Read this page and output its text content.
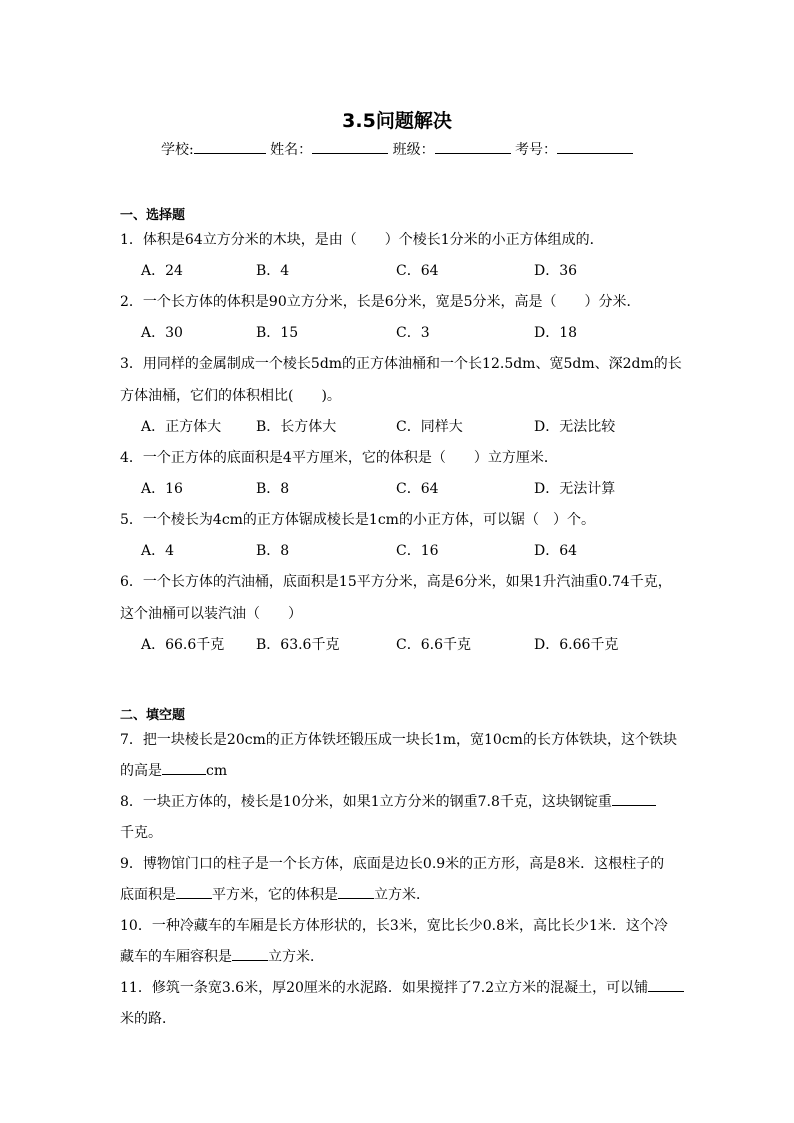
3.5问题解决
学校:	姓名：	班级：	考号：
一、选择题
1．体积是64立方分米的木块，是由（　　）个棱长1分米的小正方体组成的．
A．24	B．4	C．64	D．36
2．一个长方体的体积是90立方分米，长是6分米，宽是5分米，高是（　　）分米．
A．30	B．15	C．3	D．18
3．用同样的金属制成一个棱长5dm的正方体油桶和一个长12.5dm、宽5dm、深2dm的长
方体油桶，它们的体积相比(　　)。
A．正方体大 B．长方体大	C．同样大	D．无法比较
4．一个正方体的底面积是4平方厘米，它的体积是（　　）立方厘米．
A．16	B．8	C．64	D．无法计算
5．一个棱长为4cm的正方体锯成棱长是1cm的小正方体，可以锯（　）个。
A．4	B．8	C．16	D．64
6．一个长方体的汽油桶，底面积是15平方分米，高是6分米，如果1升汽油重0.74千克，
这个油桶可以装汽油（　　）
A．66.6千克 B．63.6千克	C．6.6千克	D．6.66千克
二、填空题
7．把一块棱长是20cm的正方体铁坯锻压成一块长1m，宽10cm的长方体铁块，这个铁块
的高是	cm
8．一块正方体的，棱长是10分米，如果1立方分米的钢重7.8千克，这块钢锭重
千克。
9．博物馆门口的柱子是一个长方体，底面是边长0.9米的正方形，高是8米．这根柱子的
底面积是	平方米，它的体积是	立方米．
10．一种冷藏车的车厢是长方体形状的，长3米，宽比长少0.8米，高比长少1米．这个冷
藏车的车厢容积是	立方米．
11．修筑一条宽3.6米，厚20厘米的水泥路．如果搅拌了7.2立方米的混凝土，可以铺
米的路．
